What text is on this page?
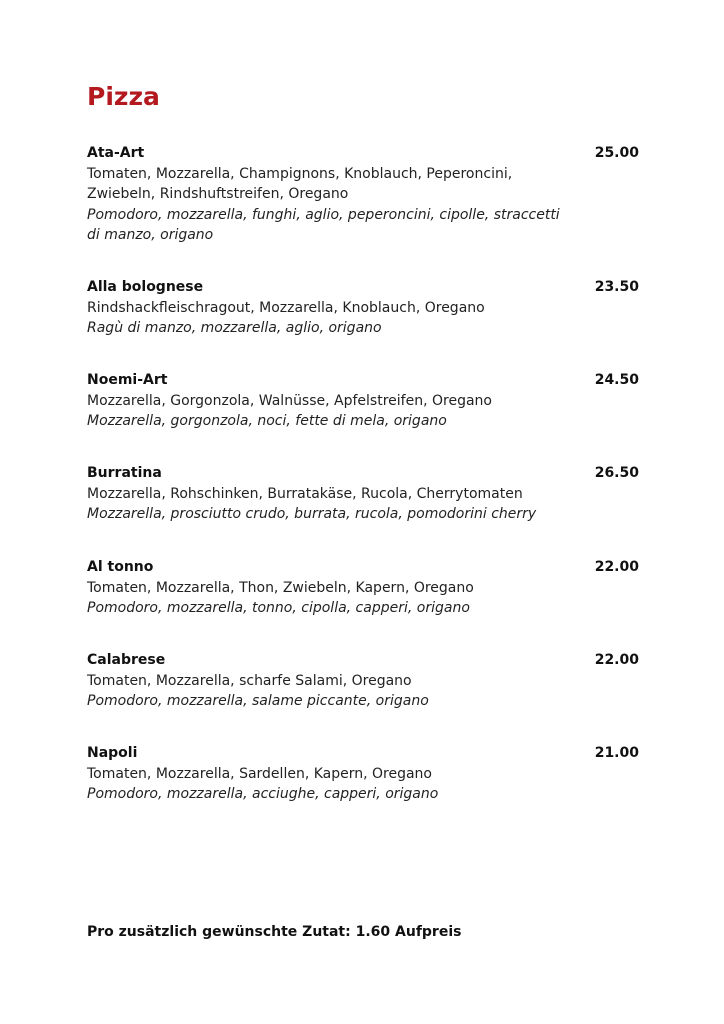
Pizza
Ata-Art	25.00
Tomaten, Mozzarella, Champignons, Knoblauch, Peperoncini, Zwiebeln, Rindshuftstreifen, Oregano
Pomodoro, mozzarella, funghi, aglio, peperoncini, cipolle, straccetti di manzo, origano
Alla bolognese	23.50
Rindshackfleischragout, Mozzarella, Knoblauch, Oregano
Ragù di manzo, mozzarella, aglio, origano
Noemi-Art	24.50
Mozzarella, Gorgonzola, Walnüsse, Apfelstreifen, Oregano
Mozzarella, gorgonzola, noci, fette di mela, origano
Burratina	26.50
Mozzarella, Rohschinken, Burratakäse, Rucola, Cherrytomaten
Mozzarella, prosciutto crudo, burrata, rucola, pomodorini cherry
Al tonno	22.00
Tomaten, Mozzarella, Thon, Zwiebeln, Kapern, Oregano
Pomodoro, mozzarella, tonno, cipolla, capperi, origano
Calabrese	22.00
Tomaten, Mozzarella, scharfe Salami, Oregano
Pomodoro, mozzarella, salame piccante, origano
Napoli	21.00
Tomaten, Mozzarella, Sardellen, Kapern, Oregano
Pomodoro, mozzarella, acciughe, capperi, origano
Pro zusätzlich gewünschte Zutat: 1.60 Aufpreis
